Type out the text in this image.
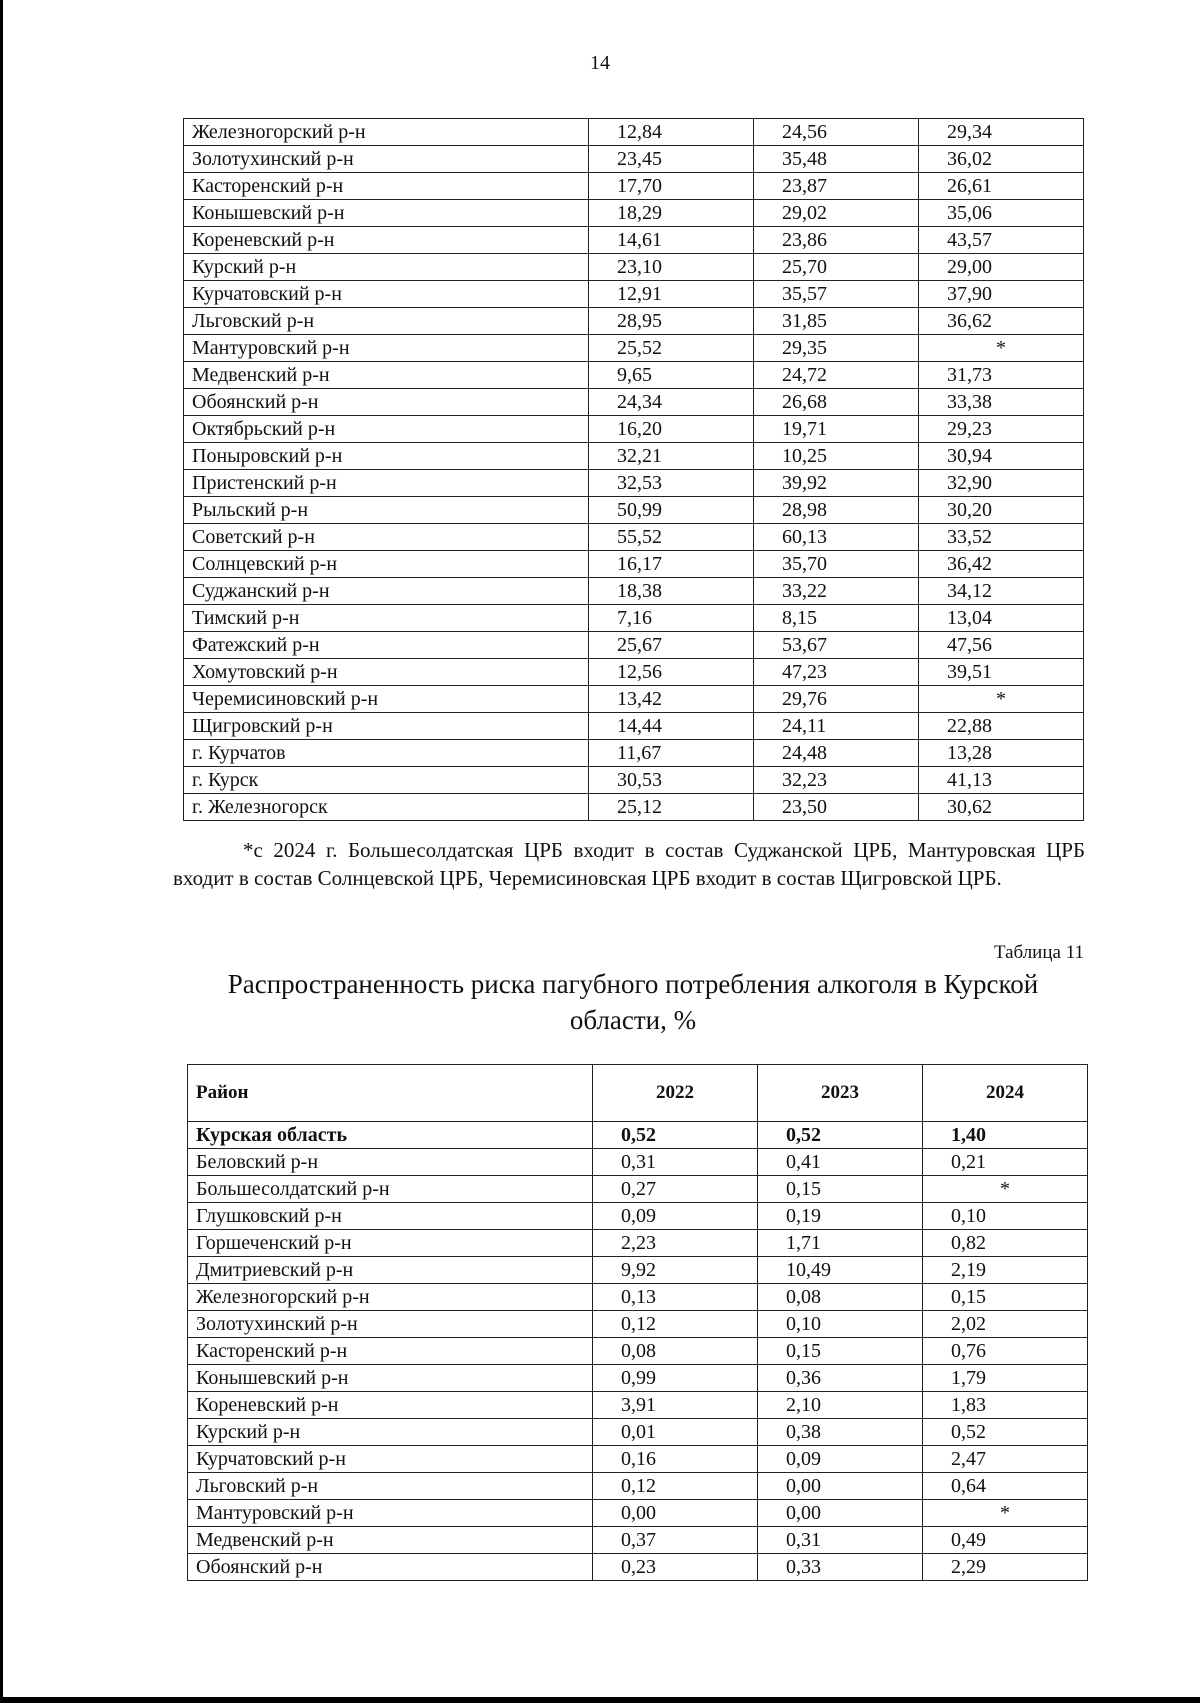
14
Железногорский р-н	12,84	24,56	29,34
Золотухинский р-н	23,45	35,48	36,02
Касторенский р-н	17,70	23,87	26,61
Конышевский р-н	18,29	29,02	35,06
Кореневский р-н	14,61	23,86	43,57
Курский р-н	23,10	25,70	29,00
Курчатовский р-н	12,91	35,57	37,90
Льговский р-н	28,95	31,85	36,62
Мантуровский р-н	25,52	29,35	*
Медвенский р-н	9,65	24,72	31,73
Обоянский р-н	24,34	26,68	33,38
Октябрьский р-н	16,20	19,71	29,23
Поныровский р-н	32,21	10,25	30,94
Пристенский р-н	32,53	39,92	32,90
Рыльский р-н	50,99	28,98	30,20
Советский р-н	55,52	60,13	33,52
Солнцевский р-н	16,17	35,70	36,42
Суджанский р-н	18,38	33,22	34,12
Тимский р-н	7,16	8,15	13,04
Фатежский р-н	25,67	53,67	47,56
Хомутовский р-н	12,56	47,23	39,51
Черемисиновский р-н	13,42	29,76	*
Щигровский р-н	14,44	24,11	22,88
г. Курчатов	11,67	24,48	13,28
г. Курск	30,53	32,23	41,13
г. Железногорск	25,12	23,50	30,62
*с 2024 г. Большесолдатская ЦРБ входит в состав Суджанской ЦРБ, Мантуровская ЦРБ входит в состав Солнцевской ЦРБ, Черемисиновская ЦРБ входит в состав Щигровской ЦРБ.
Таблица 11
Распространенность риска пагубного потребления алкоголя в Курской области, %
Район	2022	2023	2024
Курская область	0,52	0,52	1,40
Беловский р-н	0,31	0,41	0,21
Большесолдатский р-н	0,27	0,15	*
Глушковский р-н	0,09	0,19	0,10
Горшеченский р-н	2,23	1,71	0,82
Дмитриевский р-н	9,92	10,49	2,19
Железногорский р-н	0,13	0,08	0,15
Золотухинский р-н	0,12	0,10	2,02
Касторенский р-н	0,08	0,15	0,76
Конышевский р-н	0,99	0,36	1,79
Кореневский р-н	3,91	2,10	1,83
Курский р-н	0,01	0,38	0,52
Курчатовский р-н	0,16	0,09	2,47
Льговский р-н	0,12	0,00	0,64
Мантуровский р-н	0,00	0,00	*
Медвенский р-н	0,37	0,31	0,49
Обоянский р-н	0,23	0,33	2,29
